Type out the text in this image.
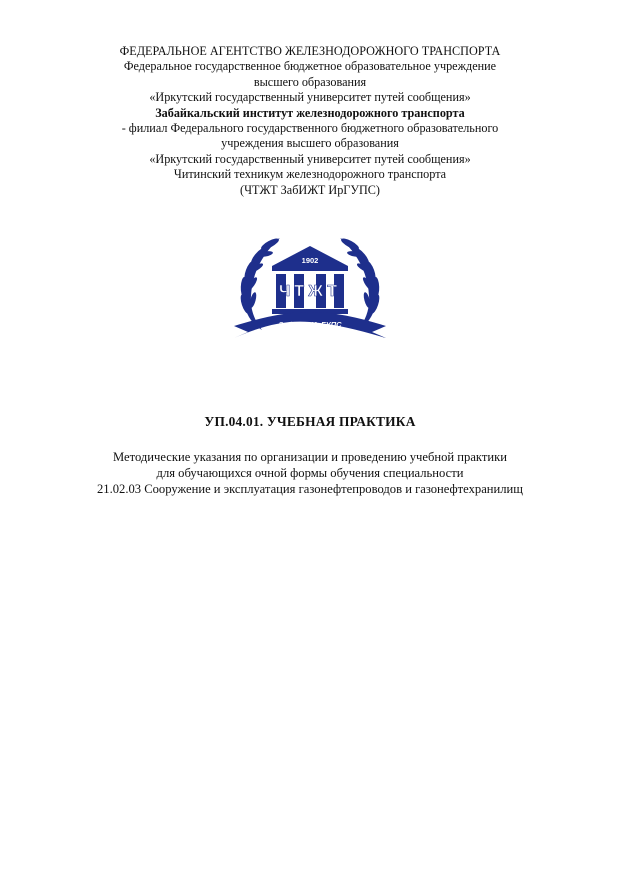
ФЕДЕРАЛЬНОЕ АГЕНТСТВО ЖЕЛЕЗНОДОРОЖНОГО ТРАНСПОРТА
Федеральное государственное бюджетное образовательное учреждение
высшего образования
«Иркутский государственный университет путей сообщения»
Забайкальский институт железнодорожного транспорта
- филиал Федерального государственного бюджетного образовательного
учреждения высшего образования
«Иркутский государственный университет путей сообщения»
Читинский техникум железнодорожного транспорта
(ЧТЖТ ЗабИЖТ ИрГУПС)
1902
ЧТЖТ
ЗабИЖТ ИрГУПС
УП.04.01. УЧЕБНАЯ ПРАКТИКА
Методические указания по организации и проведению учебной практики
для обучающихся очной формы обучения специальности
21.02.03 Сооружение и эксплуатация газонефтепроводов и газонефтехранилищ
